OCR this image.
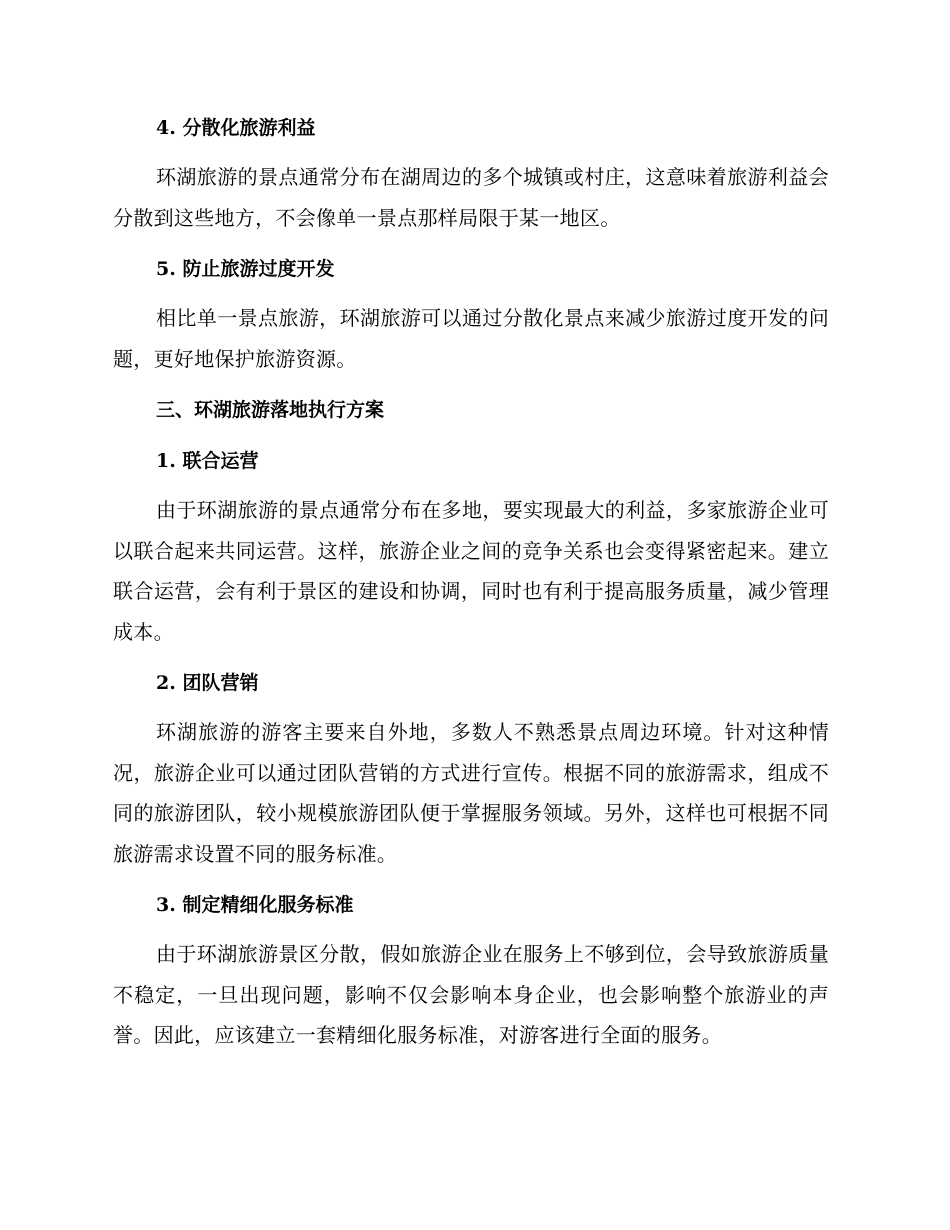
4. 分散化旅游利益

环湖旅游的景点通常分布在湖周边的多个城镇或村庄，这意味着旅游利益会分散到这些地方，不会像单一景点那样局限于某一地区。

5. 防止旅游过度开发

相比单一景点旅游，环湖旅游可以通过分散化景点来减少旅游过度开发的问题，更好地保护旅游资源。

三、环湖旅游落地执行方案
1. 联合运营

由于环湖旅游的景点通常分布在多地，要实现最大的利益，多家旅游企业可以联合起来共同运营。这样，旅游企业之间的竞争关系也会变得紧密起来。建立联合运营，会有利于景区的建设和协调，同时也有利于提高服务质量，减少管理成本。

2. 团队营销

环湖旅游的游客主要来自外地，多数人不熟悉景点周边环境。针对这种情况，旅游企业可以通过团队营销的方式进行宣传。根据不同的旅游需求，组成不同的旅游团队，较小规模旅游团队便于掌握服务领域。另外，这样也可根据不同旅游需求设置不同的服务标准。

3. 制定精细化服务标准

由于环湖旅游景区分散，假如旅游企业在服务上不够到位，会导致旅游质量不稳定，一旦出现问题，影响不仅会影响本身企业，也会影响整个旅游业的声誉。因此，应该建立一套精细化服务标准，对游客进行全面的服务。
